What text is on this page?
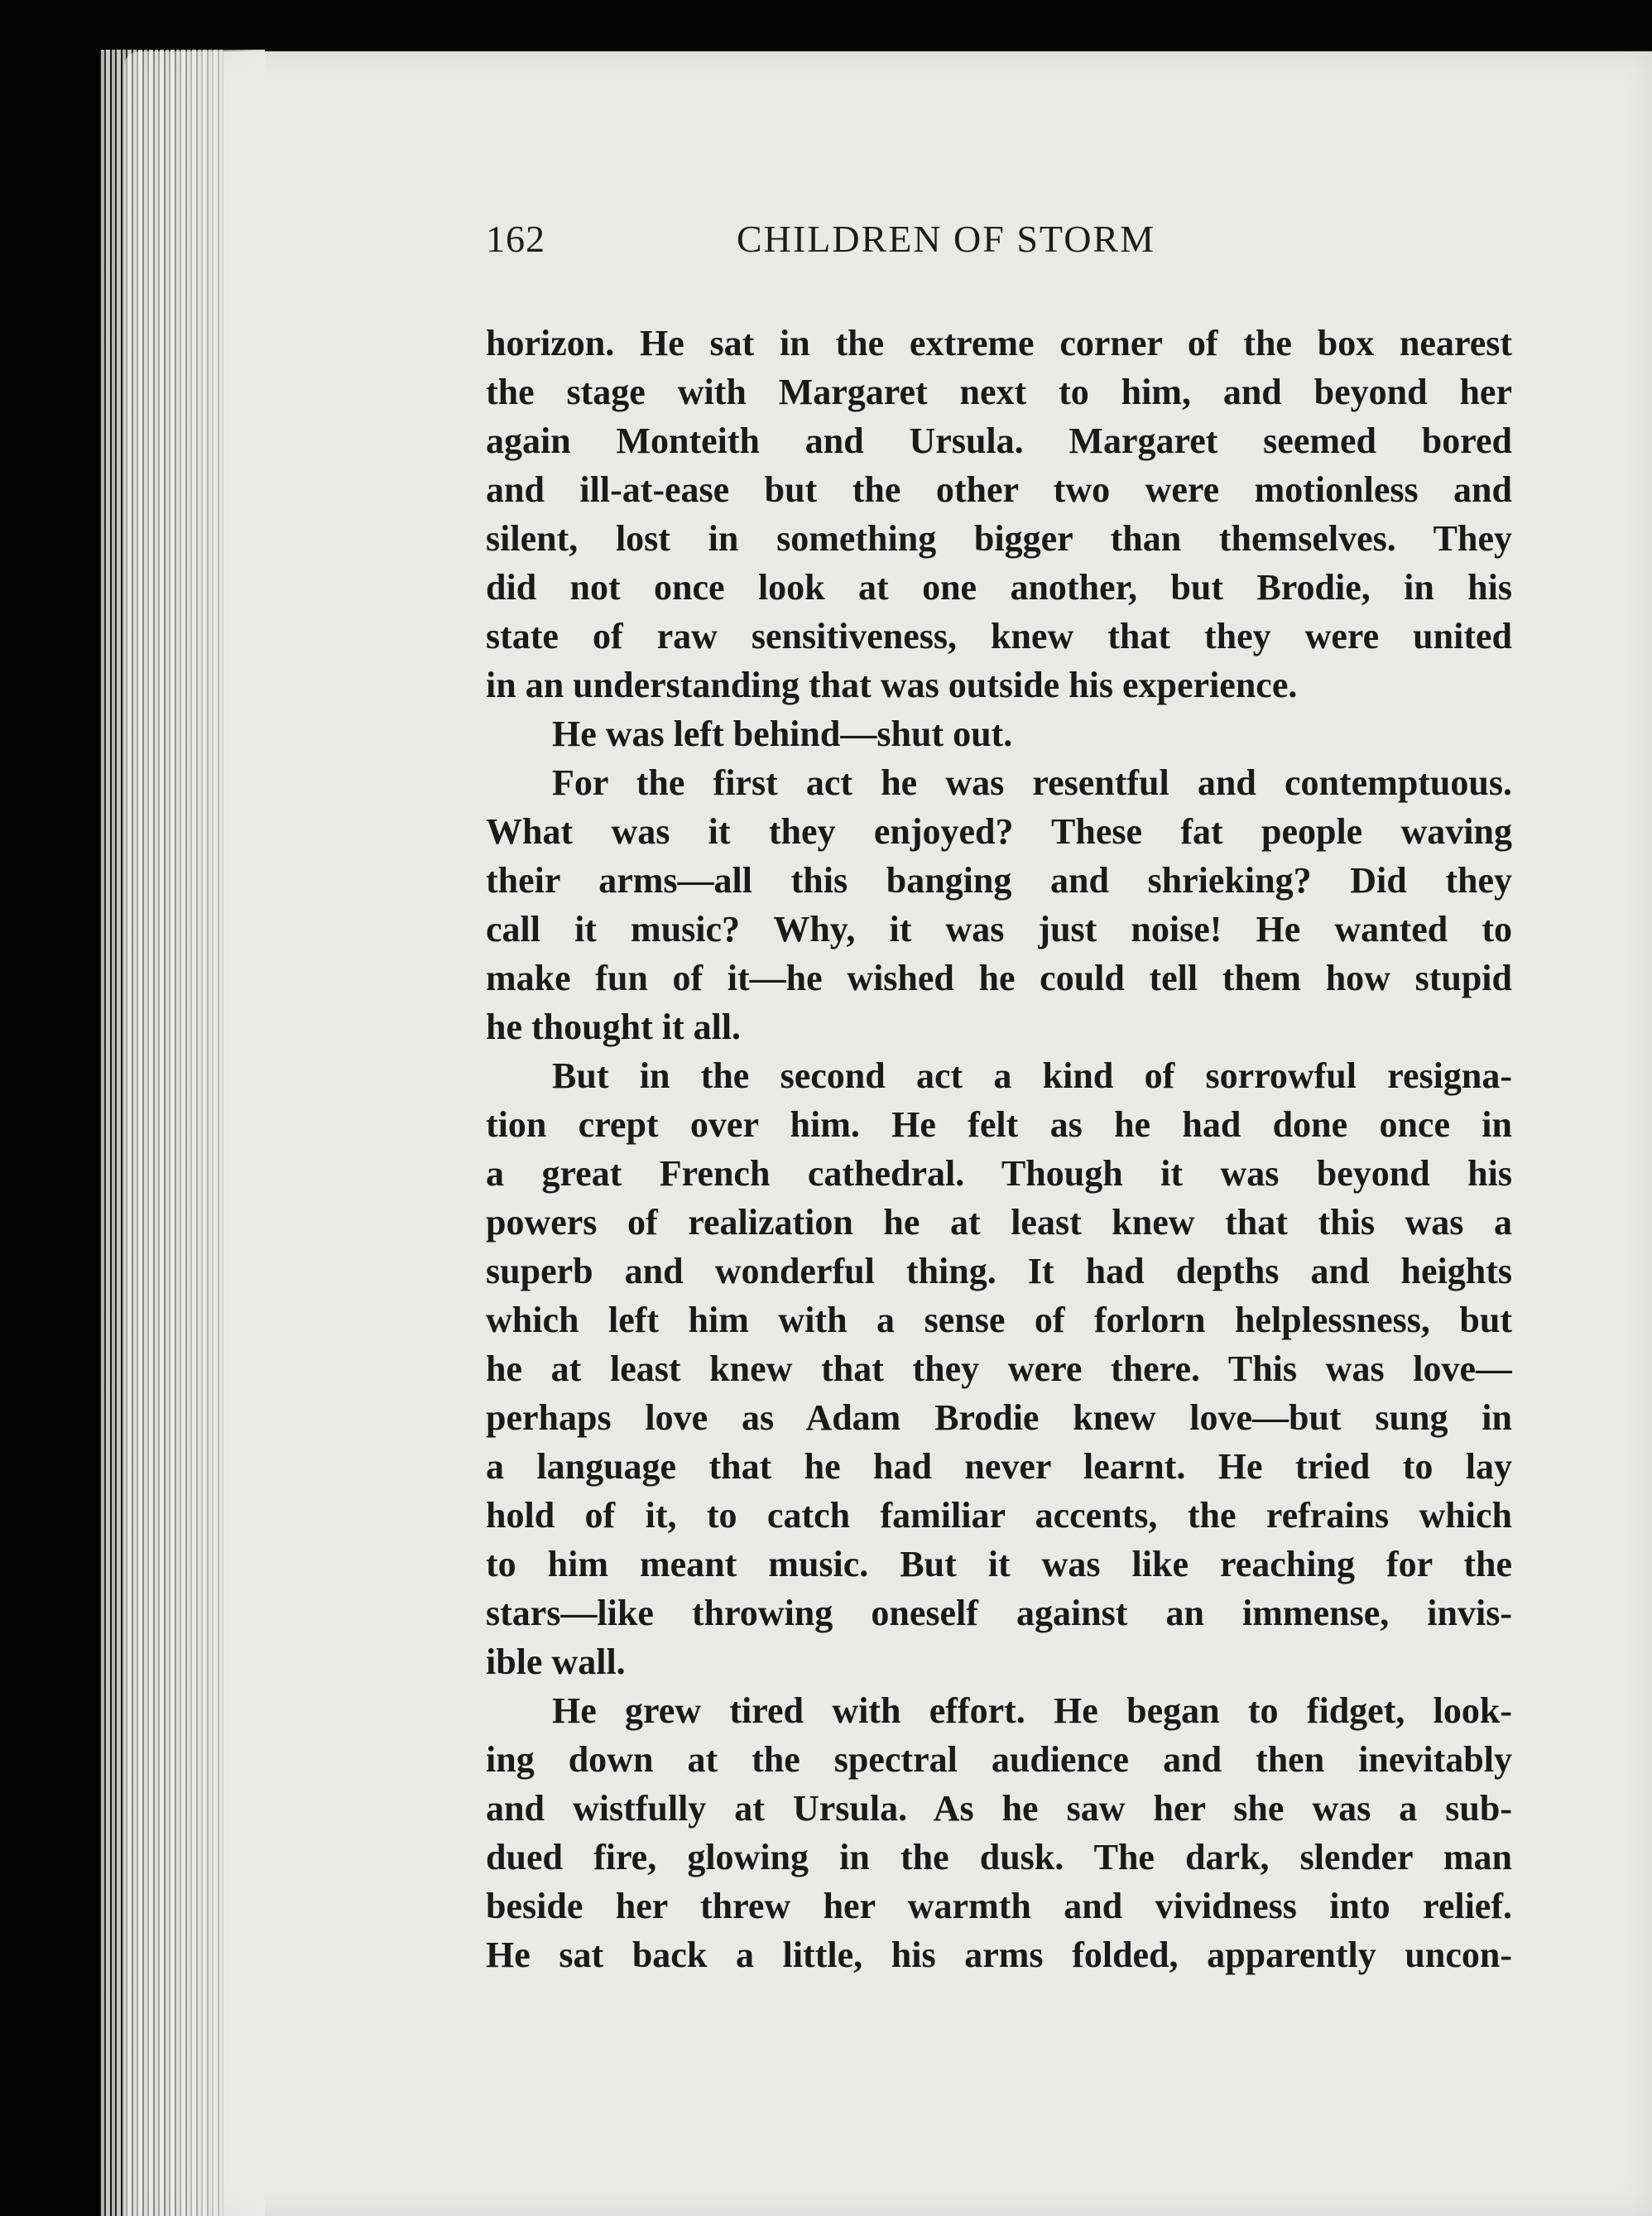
162	CHILDREN OF STORM
horizon. He sat in the extreme corner of the box nearest
the stage with Margaret next to him, and beyond her
again Monteith and Ursula. Margaret seemed bored
and ill-at-ease but the other two were motionless and
silent, lost in something bigger than themselves. They
did not once look at one another, but Brodie, in his
state of raw sensitiveness, knew that they were united
in an understanding that was outside his experience.
He was left behind—shut out.
For the first act he was resentful and contemptuous.
What was it they enjoyed? These fat people waving
their arms—all this banging and shrieking? Did they
call it music? Why, it was just noise! He wanted to
make fun of it—he wished he could tell them how stupid
he thought it all.
But in the second act a kind of sorrowful resigna-
tion crept over him. He felt as he had done once in
a great French cathedral. Though it was beyond his
powers of realization he at least knew that this was a
superb and wonderful thing. It had depths and heights
which left him with a sense of forlorn helplessness, but
he at least knew that they were there. This was love—
perhaps love as Adam Brodie knew love—but sung in
a language that he had never learnt. He tried to lay
hold of it, to catch familiar accents, the refrains which
to him meant music. But it was like reaching for the
stars—like throwing oneself against an immense, invis-
ible wall.
He grew tired with effort. He began to fidget, look-
ing down at the spectral audience and then inevitably
and wistfully at Ursula. As he saw her she was a sub-
dued fire, glowing in the dusk. The dark, slender man
beside her threw her warmth and vividness into relief.
He sat back a little, his arms folded, apparently uncon-
